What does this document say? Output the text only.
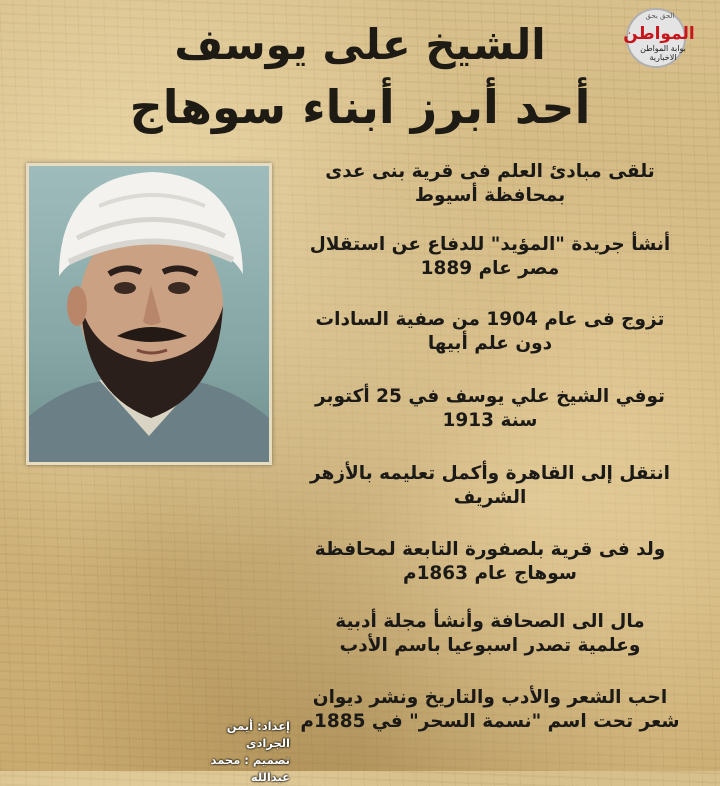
الشيخ على يوسف
أحد أبرز أبناء سوهاج
الحق بحق
المواطن
بوابة المواطن
الاخبارية
تلقى مبادئ العلم فى قرية بنى عدى
بمحافظة أسيوط
أنشأ جريدة "المؤيد" للدفاع عن استقلال
مصر عام 1889
تزوج فى عام 1904 من صفية السادات
دون علم أبيها
توفي الشيخ علي يوسف في 25 أكتوبر
سنة 1913
انتقل إلى القاهرة وأكمل تعليمه بالأزهر
الشريف
ولد فى قرية بلصفورة التابعة لمحافظة
سوهاج عام 1863م
مال الى الصحافة وأنشأ مجلة أدبية
وعلمية تصدر اسبوعيا باسم الأدب
احب الشعر والأدب والتاريخ ونشر ديوان
شعر تحت اسم "نسمة السحر" في 1885م
إعداد: أيمن الجرادى
تصميم : محمد عبدالله
